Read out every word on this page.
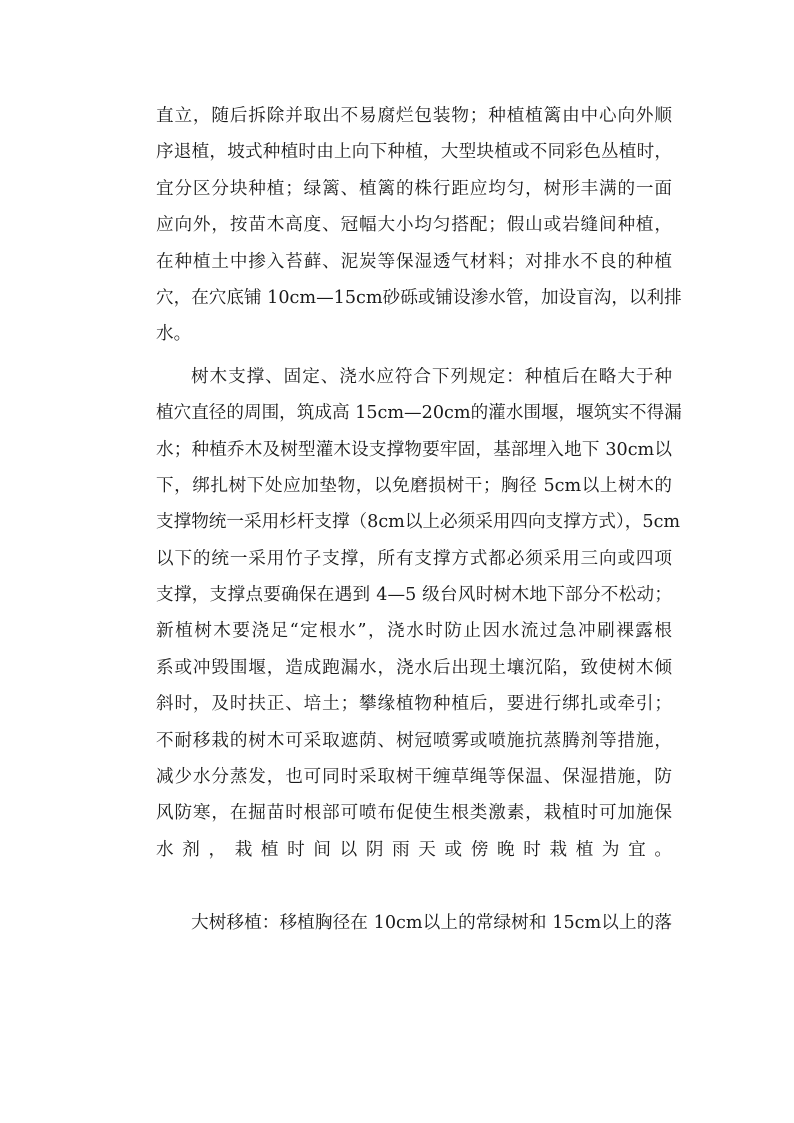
直立，随后拆除并取出不易腐烂包装物；种植植篱由中心向外顺
序退植，坡式种植时由上向下种植，大型块植或不同彩色丛植时，
宜分区分块种植；绿篱、植篱的株行距应均匀，树形丰满的一面
应向外，按苗木高度、冠幅大小均匀搭配；假山或岩缝间种植，
在种植土中掺入苔藓、泥炭等保湿透气材料；对排水不良的种植
穴，在穴底铺 10cm—15cm砂砾或铺设渗水管，加设盲沟，以利排
水。
树木支撑、固定、浇水应符合下列规定：种植后在略大于种
植穴直径的周围，筑成高 15cm—20cm的灌水围堰，堰筑实不得漏
水；种植乔木及树型灌木设支撑物要牢固，基部埋入地下 30cm以
下，绑扎树下处应加垫物，以免磨损树干；胸径 5cm以上树木的
支撑物统一采用杉杆支撑（8cm以上必须采用四向支撑方式），5cm
以下的统一采用竹子支撑，所有支撑方式都必须采用三向或四项
支撑，支撑点要确保在遇到 4—5 级台风时树木地下部分不松动；
新植树木要浇足“定根水”，浇水时防止因水流过急冲刷裸露根
系或冲毁围堰，造成跑漏水，浇水后出现土壤沉陷，致使树木倾
斜时，及时扶正、培土；攀缘植物种植后，要进行绑扎或牵引；
不耐移栽的树木可采取遮荫、树冠喷雾或喷施抗蒸腾剂等措施，
减少水分蒸发，也可同时采取树干缠草绳等保温、保湿措施，防
风防寒，在掘苗时根部可喷布促使生根类激素，栽植时可加施保
水剂，栽植时间以阴雨天或傍晚时栽植为宜。
大树移植：移植胸径在 10cm以上的常绿树和 15cm以上的落
